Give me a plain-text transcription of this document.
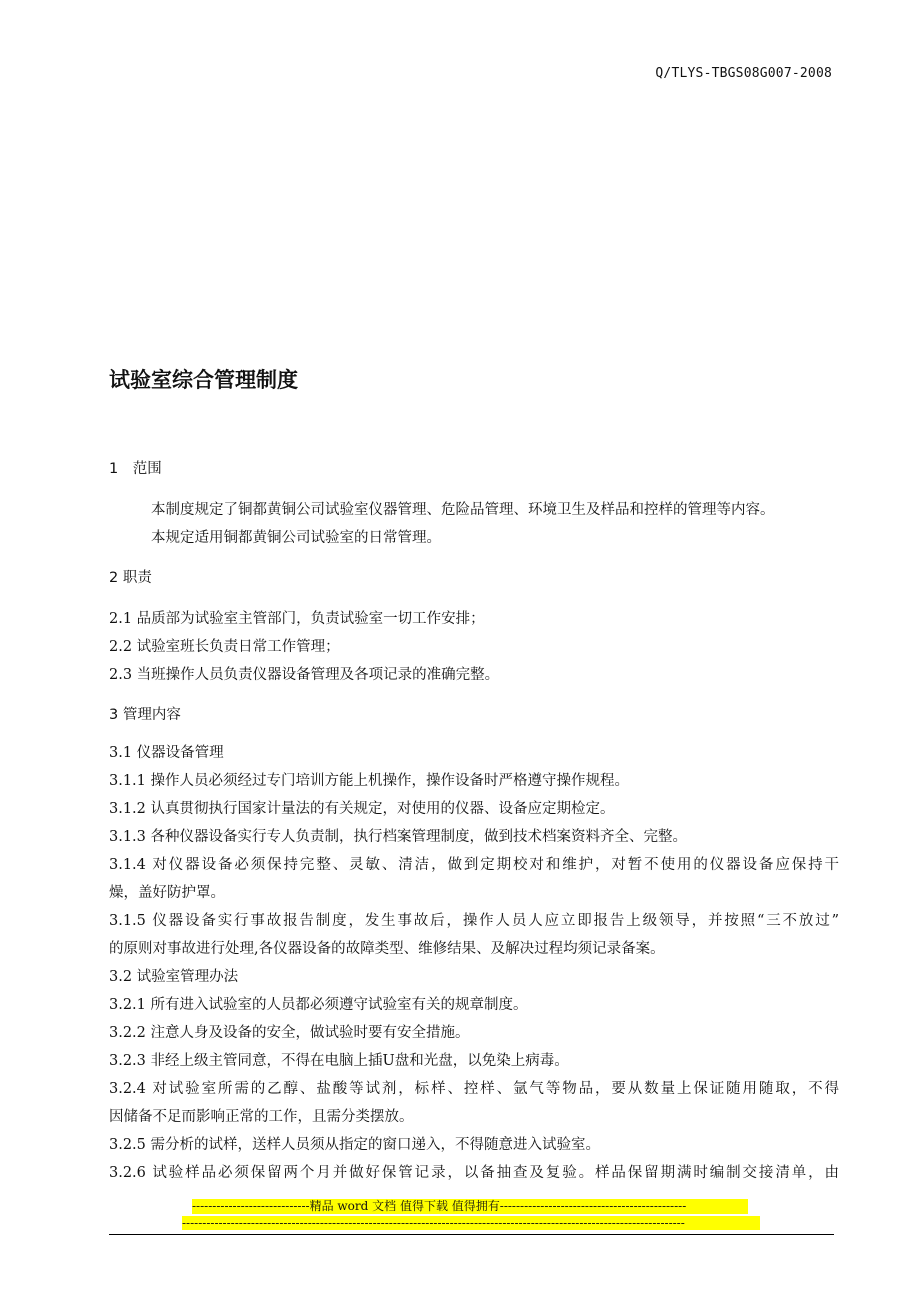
Q/TLYS-TBGS08G007-2008
试验室综合管理制度
1　范围
本制度规定了铜都黄铜公司试验室仪器管理、危险品管理、环境卫生及样品和控样的管理等内容。
本规定适用铜都黄铜公司试验室的日常管理。
2 职责
2.1 品质部为试验室主管部门，负责试验室一切工作安排；
2.2 试验室班长负责日常工作管理；
2.3 当班操作人员负责仪器设备管理及各项记录的准确完整。
3 管理内容
3.1 仪器设备管理
3.1.1 操作人员必须经过专门培训方能上机操作，操作设备时严格遵守操作规程。
3.1.2 认真贯彻执行国家计量法的有关规定，对使用的仪器、设备应定期检定。
3.1.3 各种仪器设备实行专人负责制，执行档案管理制度，做到技术档案资料齐全、完整。
3.1.4 对仪器设备必须保持完整、灵敏、清洁，做到定期校对和维护，对暂不使用的仪器设备应保持干
燥，盖好防护罩。
3.1.5 仪器设备实行事故报告制度，发生事故后，操作人员人应立即报告上级领导，并按照“三不放过”
的原则对事故进行处理,各仪器设备的故障类型、维修结果、及解决过程均须记录备案。
3.2 试验室管理办法
3.2.1 所有进入试验室的人员都必须遵守试验室有关的规章制度。
3.2.2 注意人身及设备的安全，做试验时要有安全措施。
3.2.3 非经上级主管同意，不得在电脑上插U盘和光盘，以免染上病毒。
3.2.4 对试验室所需的乙醇、盐酸等试剂，标样、控样、氩气等物品，要从数量上保证随用随取，不得
因储备不足而影响正常的工作，且需分类摆放。
3.2.5 需分析的试样，送样人员须从指定的窗口递入，不得随意进入试验室。
3.2.6 试验样品必须保留两个月并做好保管记录，以备抽查及复验。样品保留期满时编制交接清单，由
-----------------------------精品 word 文档 值得下载 值得拥有----------------------------------------------
----------------------------------------------------------------------------------------------------------------------------
